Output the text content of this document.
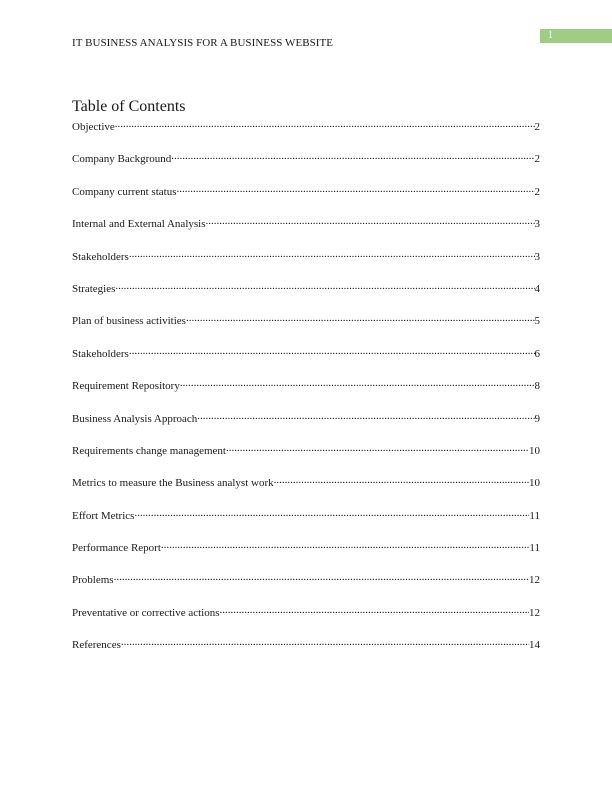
IT BUSINESS ANALYSIS FOR A BUSINESS WEBSITE
1
Table of Contents
Objective .....	2
Company Background .....	2
Company current status .....	2
Internal and External Analysis .....	3
Stakeholders .....	3
Strategies .....	4
Plan of business activities .....	5
Stakeholders .....	6
Requirement Repository .....	8
Business Analysis Approach .....	9
Requirements change management .....	10
Metrics to measure the Business analyst work .....	10
Effort Metrics .....	11
Performance Report .....	11
Problems .....	12
Preventative or corrective actions .....	12
References .....	14
